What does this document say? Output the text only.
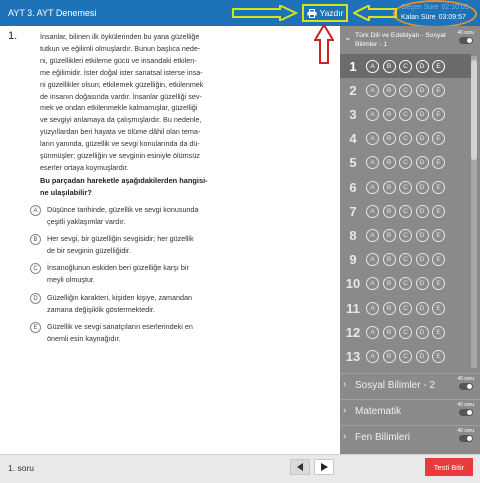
AYT 3. AYT Denemesi	Yazdır
Geçen Süre 02:10:05
Kalan Süre 03:09:57
1.	İnsanlar, bilinen ilk öykülerinden bu yana güzelliğe
tutkun ve eğilimli olmuşlardır. Bunun başlıca nede-
ni, güzellikleri etkileme gücü ve insandaki etkilen-
me eğilimidir. İster doğal ister sanatsal isterse insa-
ni güzellikler olsun; etkilemek güzelliğin, etkilenmek
de insanın doğasında vardır. İnsanlar güzelliği sev-
mek ve ondan etkilenmekle kalmamışlar, güzelliği
ve sevgiyi anlamaya da çalışmışlardır. Bu nedenle,
yüzyıllardan beri hayata ve ölüme dâhil olan tema-
ların yanında, güzellik ve sevgi konularında da dü-
şünmüşler; güzelliğin ve sevginin esiniyle ölümsüz
eserler ortaya koymuşlardır.
Bu parçadan hareketle aşağıdakilerden hangisi-
ne ulaşılabilir?
A	Düşünce tarihinde, güzellik ve sevgi konusunda
çeşitli yaklaşımlar vardır.
B	Her sevgi, bir güzelliğin sevgisidir; her güzellik
de bir sevginin güzelliğidir.
C	İnsanoğlunun eskiden beri güzelliğe karşı bir
meyli olmuştur.
D	Güzelliğin karakteri, kişiden kişiye, zamandan
zamana değişiklik göstermektedir.
E	Güzellik ve sevgi sanatçıların eserlerindeki en
önemli esin kaynağıdır.
⌄ Türk Dili ve Edebiyatı - Sosyal Bilimler - 1
40 soru
1	A	B	C	D	E
2	A	B	C	D	E
3	A	B	C	D	E
4	A	B	C	D	E
5	A	B	C	D	E
6	A	B	C	D	E
7	A	B	C	D	E
8	A	B	C	D	E
9	A	B	C	D	E
10	A	B	C	D	E
11	A	B	C	D	E
12	A	B	C	D	E
13	A	B	C	D	E
› Sosyal Bilimler - 2
40 soru
› Matematik
40 soru
› Fen Bilimleri
40 soru
1. soru	Testi Bitir
